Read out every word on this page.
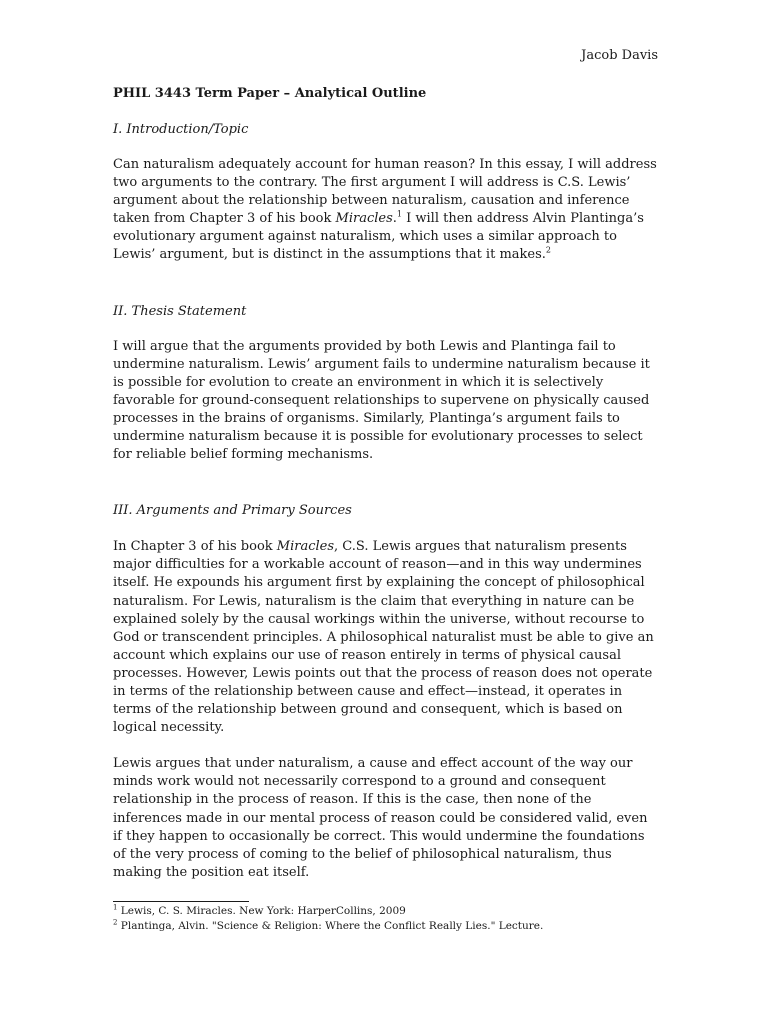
Jacob Davis

PHIL 3443 Term Paper – Analytical Outline

I. Introduction/Topic

Can naturalism adequately account for human reason? In this essay, I will address two arguments to the contrary. The first argument I will address is C.S. Lewis’ argument about the relationship between naturalism, causation and inference taken from Chapter 3 of his book Miracles.$^1$ I will then address Alvin Plantinga’s evolutionary argument against naturalism, which uses a similar approach to Lewis’ argument, but is distinct in the assumptions that it makes.$^2$

II. Thesis Statement

I will argue that the arguments provided by both Lewis and Plantinga fail to undermine naturalism. Lewis’ argument fails to undermine naturalism because it is possible for evolution to create an environment in which it is selectively favorable for ground-consequent relationships to supervene on physically caused processes in the brains of organisms. Similarly, Plantinga’s argument fails to undermine naturalism because it is possible for evolutionary processes to select for reliable belief forming mechanisms.

III. Arguments and Primary Sources

In Chapter 3 of his book Miracles, C.S. Lewis argues that naturalism presents major difficulties for a workable account of reason—and in this way undermines itself. He expounds his argument first by explaining the concept of philosophical naturalism. For Lewis, naturalism is the claim that everything in nature can be explained solely by the causal workings within the universe, without recourse to God or transcendent principles. A philosophical naturalist must be able to give an account which explains our use of reason entirely in terms of physical causal processes. However, Lewis points out that the process of reason does not operate in terms of the relationship between cause and effect—instead, it operates in terms of the relationship between ground and consequent, which is based on logical necessity.

Lewis argues that under naturalism, a cause and effect account of the way our minds work would not necessarily correspond to a ground and consequent relationship in the process of reason. If this is the case, then none of the inferences made in our mental process of reason could be considered valid, even if they happen to occasionally be correct. This would undermine the foundations of the very process of coming to the belief of philosophical naturalism, thus making the position eat itself.

$^1$ Lewis, C. S. Miracles. New York: HarperCollins, 2009

$^2$ Plantinga, Alvin. "Science & Religion: Where the Conflict Really Lies." Lecture.
